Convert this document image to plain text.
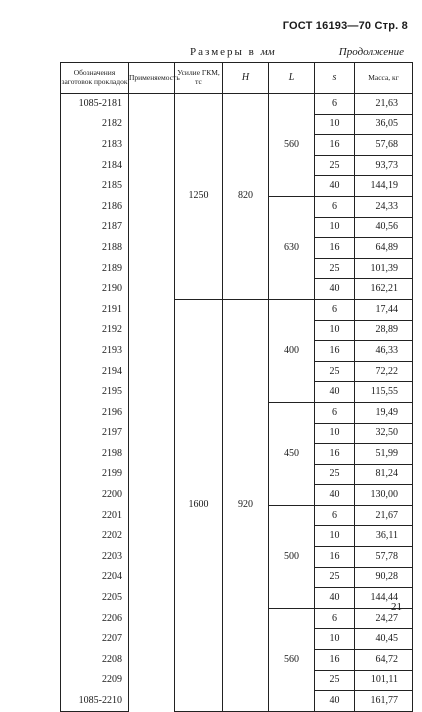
ГОСТ 16193—70 Стр. 8
Размеры в мм	Продолжение
Обозначения заготовок прокладок	Применяемость	Усилие ГКМ, тс	H	L	s	Масса, кг
1085-2181		1250	820	560	6	21,63
2182					10	36,05
2183					16	57,68
2184					25	93,73
2185					40	144,19
2186				630	6	24,33
2187					10	40,56
2188					16	64,89
2189					25	101,39
2190					40	162,21
2191		1600	920	400	6	17,44
2192					10	28,89
2193					16	46,33
2194					25	72,22
2195					40	115,55
2196				450	6	19,49
2197					10	32,50
2198					16	51,99
2199					25	81,24
2200					40	130,00
2201				500	6	21,67
2202					10	36,11
2203					16	57,78
2204					25	90,28
2205					40	144,44
2206				560	6	24,27
2207					10	40,45
2208					16	64,72
2209					25	101,11
1085-2210					40	161,77
21
